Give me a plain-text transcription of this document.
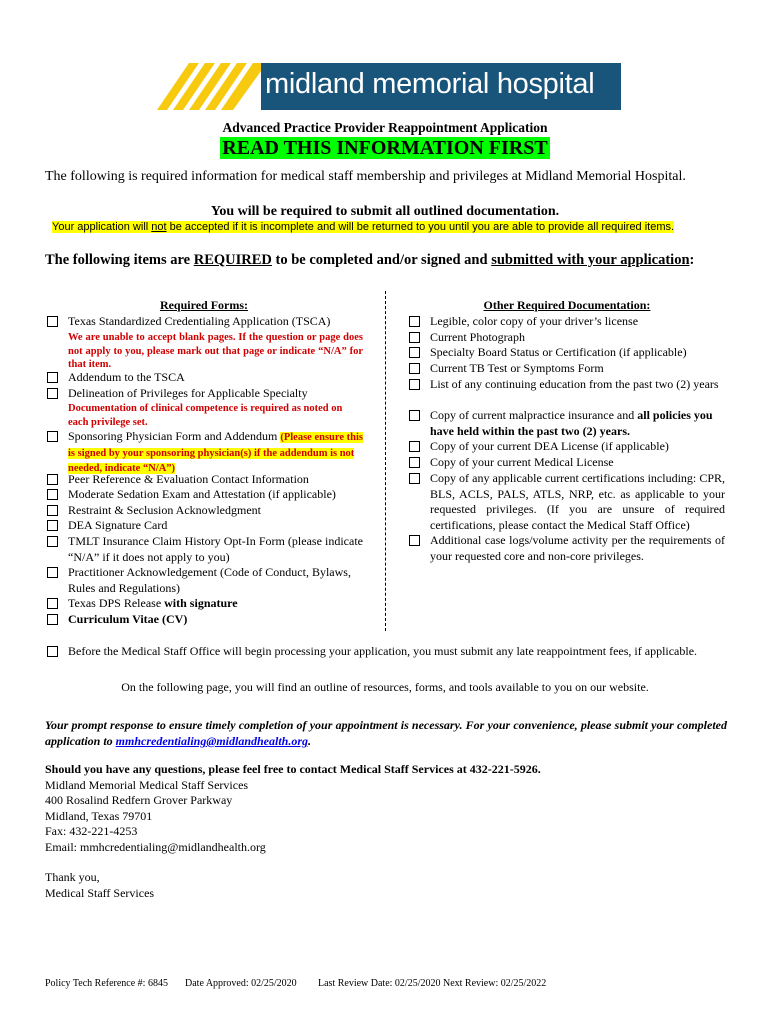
midland memorial hospital
Advanced Practice Provider Reappointment Application
READ THIS INFORMATION FIRST
The following is required information for medical staff membership and privileges at Midland Memorial Hospital.
You will be required to submit all outlined documentation.
Your application will not be accepted if it is incomplete and will be returned to you until you are able to provide all required items.
The following items are REQUIRED to be completed and/or signed and submitted with your application:
Required Forms:
Texas Standardized Credentialing Application (TSCA)
We are unable to accept blank pages. If the question or page does not apply to you, please mark out that page or indicate “N/A” for that item.
Addendum to the TSCA
Delineation of Privileges for Applicable Specialty
Documentation of clinical competence is required as noted on each privilege set.
Sponsoring Physician Form and Addendum (Please ensure this is signed by your sponsoring physician(s) if the addendum is not needed, indicate “N/A”)
Peer Reference & Evaluation Contact Information
Moderate Sedation Exam and Attestation (if applicable)
Restraint & Seclusion Acknowledgment
DEA Signature Card
TMLT Insurance Claim History Opt-In Form (please indicate “N/A” if it does not apply to you)
Practitioner Acknowledgement (Code of Conduct, Bylaws, Rules and Regulations)
Texas DPS Release with signature
Curriculum Vitae (CV)
Other Required Documentation:
Legible, color copy of your driver’s license
Current Photograph
Specialty Board Status or Certification (if applicable)
Current TB Test or Symptoms Form
List of any continuing education from the past two (2) years
Copy of current malpractice insurance and all policies you have held within the past two (2) years.
Copy of your current DEA License (if applicable)
Copy of your current Medical License
Copy of any applicable current certifications including: CPR, BLS, ACLS, PALS, ATLS, NRP, etc. as applicable to your requested privileges. (If you are unsure of required certifications, please contact the Medical Staff Office)
Additional case logs/volume activity per the requirements of your requested core and non-core privileges.
Before the Medical Staff Office will begin processing your application, you must submit any late reappointment fees, if applicable.
On the following page, you will find an outline of resources, forms, and tools available to you on our website.
Your prompt response to ensure timely completion of your appointment is necessary. For your convenience, please submit your completed application to mmhcredentialing@midlandhealth.org.
Should you have any questions, please feel free to contact Medical Staff Services at 432-221-5926.
Midland Memorial Medical Staff Services
400 Rosalind Redfern Grover Parkway
Midland, Texas 79701
Fax: 432-221-4253
Email: mmhcredentialing@midlandhealth.org
Thank you,
Medical Staff Services
Policy Tech Reference #: 6845 Date Approved: 02/25/2020 Last Review Date: 02/25/2020 Next Review: 02/25/2022
